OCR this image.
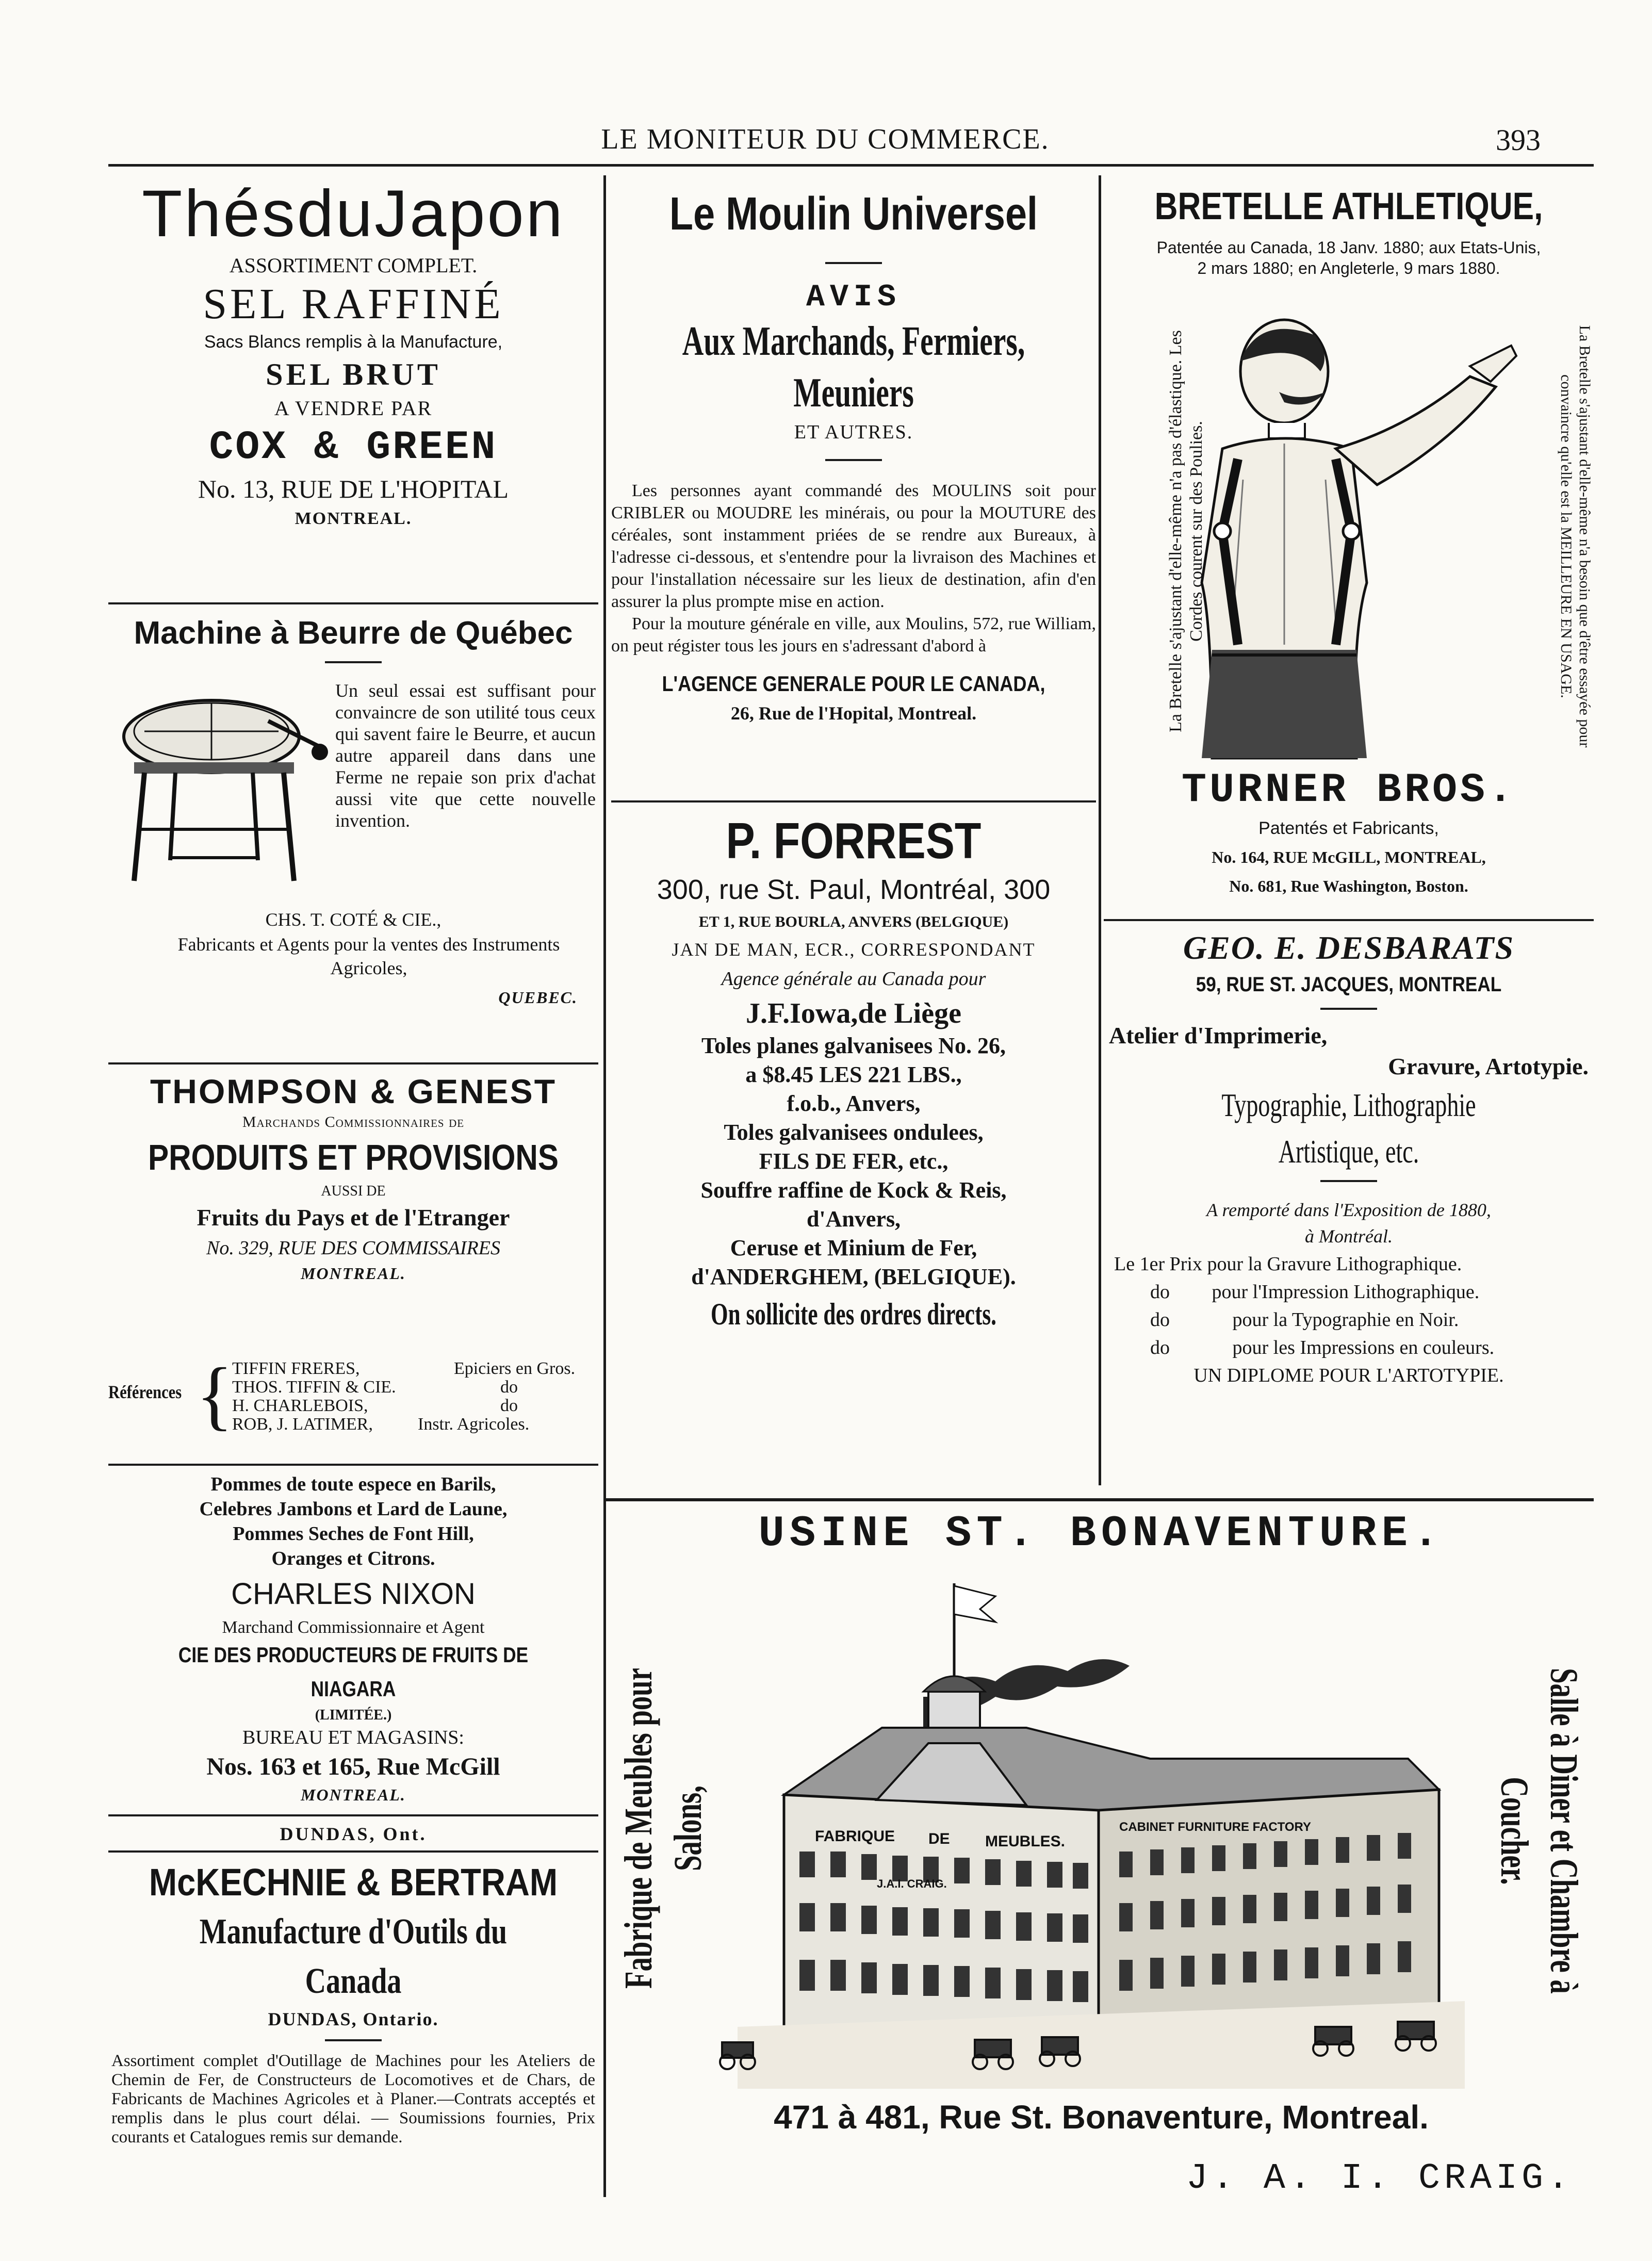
LE MONITEUR DU COMMERCE.	393
ThésduJapon
ASSORTIMENT COMPLET.
SEL RAFFINÉ
Sacs Blancs remplis à la Manufacture,
SEL BRUT
A VENDRE PAR
COX & GREEN
No. 13, RUE DE L'HOPITAL
MONTREAL.
Machine à Beurre de Québec
Un seul essai est suffisant pour convaincre de son utilité tous ceux qui savent faire le Beurre, et aucun autre appareil dans dans une Ferme ne repaie son prix d'achat aussi vite que cette nouvelle invention.
CHS. T. COTÉ & CIE.,
Fabricants et Agents pour la ventes des Instruments Agricoles,
QUEBEC.
THOMPSON & GENEST
Marchands Commissionnaires de
PRODUITS ET PROVISIONS
AUSSI DE
Fruits du Pays et de l'Etranger
No. 329, RUE DES COMMISSAIRES
MONTREAL.
Références {
TIFFIN FRERES,	Epiciers en Gros.
THOS. TIFFIN & CIE.	do
H. CHARLEBOIS,	do
ROB, J. LATIMER,	Instr. Agricoles.
Pommes de toute espece en Barils,
Celebres Jambons et Lard de Laune,
Pommes Seches de Font Hill,
Oranges et Citrons.
CHARLES NIXON
Marchand Commissionnaire et Agent
CIE DES PRODUCTEURS DE FRUITS DE NIAGARA
(LIMITÉE.)
BUREAU ET MAGASINS:
Nos. 163 et 165, Rue McGill
MONTREAL.
DUNDAS, Ont.
McKECHNIE & BERTRAM
Manufacture d'Outils du Canada
DUNDAS, Ontario.
Assortiment complet d'Outillage de Machines pour les Ateliers de Chemin de Fer, de Constructeurs de Locomotives et de Chars, de Fabricants de Machines Agricoles et à Planer.—Contrats acceptés et remplis dans le plus court délai. — Soumissions fournies, Prix courants et Catalogues remis sur demande.
Le Moulin Universel
AVIS
Aux Marchands, Fermiers, Meuniers
ET AUTRES.

Les personnes ayant commandé des MOULINS soit pour CRIBLER ou MOUDRE les minérais, ou pour la MOUTURE des céréales, sont instamment priées de se rendre aux Bureaux, à l'adresse ci-dessous, et s'entendre pour la livraison des Machines et pour l'installation nécessaire sur les lieux de destination, afin d'en assurer la plus prompte mise en action.

Pour la mouture générale en ville, aux Moulins, 572, rue William, on peut régister tous les jours en s'adressant d'abord à

L'AGENCE GENERALE POUR LE CANADA,
26, Rue de l'Hopital, Montreal.
P. FORREST
300, rue St. Paul, Montréal, 300
ET 1, RUE BOURLA, ANVERS (BELGIQUE)
JAN DE MAN, ECR., CORRESPONDANT
Agence générale au Canada pour
J.F.Iowa,de Liège
Toles planes galvanisees No. 26,
a $8.45 LES 221 LBS.,
f.o.b., Anvers,
Toles galvanisees ondulees,
FILS DE FER, etc.,
Souffre raffine de Kock & Reis,
d'Anvers,
Ceruse et Minium de Fer,
d'ANDERGHEM, (BELGIQUE).
On sollicite des ordres directs.
BRETELLE ATHLETIQUE,
Patentée au Canada, 18 Janv. 1880; aux Etats-Unis,
2 mars 1880; en Angleterle, 9 mars 1880.
La Bretelle s'ajustant d'elle-même n'a pas d'élastique. Les Cordes courent sur des Poulies.	La Bretelle s'ajustant d'elle-même n'a besoin que d'être essayée pour convaincre qu'elle est la MEILLEURE EN USAGE.
TURNER BROS.
Patentés et Fabricants,
No. 164, RUE McGILL, MONTREAL,
No. 681, Rue Washington, Boston.
GEO. E. DESBARATS
59, RUE ST. JACQUES, MONTREAL
Atelier d'Imprimerie,
Gravure, Artotypie.
Typographie, Lithographie Artistique, etc.
A remporté dans l'Exposition de 1880,
à Montréal.
Le 1er Prix pour la Gravure Lithographique.
do pour l'Impression Lithographique.
do	pour la Typographie en Noir.
do	pour les Impressions en couleurs.
UN DIPLOME POUR L'ARTOTYPIE.
USINE ST. BONAVENTURE.
Fabrique de Meubles pour Salons,	Salle à Diner et Chambre à Coucher.
FABRIQUE DE MEUBLES.
CABINET FURNITURE FACTORY
J.A.I. CRAIG.
471 à 481, Rue St. Bonaventure, Montreal.
J. A. I. CRAIG.
